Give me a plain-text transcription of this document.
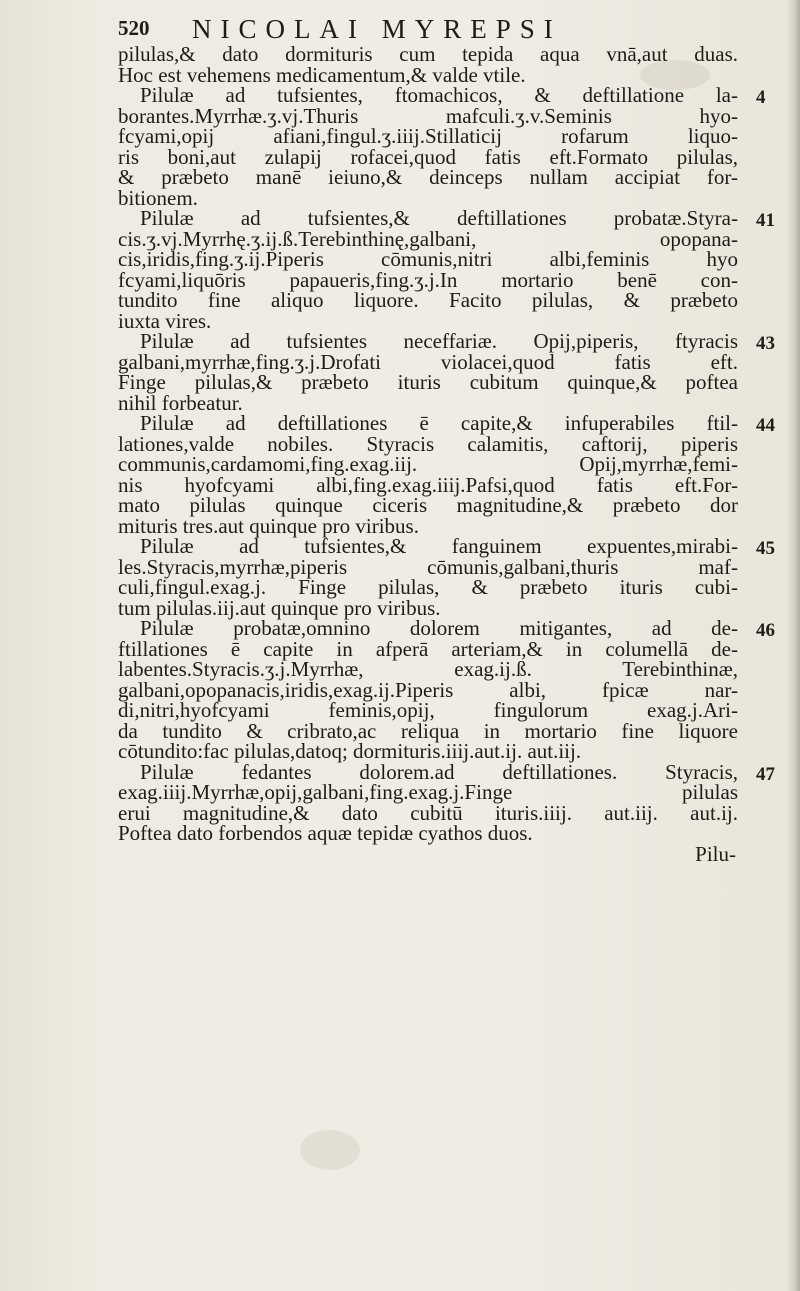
520 NICOLAI MYREPSI
pilulas,& dato dormituris cum tepida aqua vnā,aut duas.
Hoc est vehemens medicamentum,& valde vtile.
Pilulæ ad tufsientes, ftomachicos, & deftillatione la-
borantes.Myrrhæ.ʒ.vj.Thuris mafculi.ʒ.v.Seminis hyo-
fcyami,opij afiani,fingul.ʒ.iiij.Stillaticij rofarum liquo-
ris boni,aut zulapij rofacei,quod fatis eft.Formato pilulas,
& præbeto manē ieiuno,& deinceps nullam accipiat for-
bitionem.
Pilulæ ad tufsientes,& deftillationes probatæ.Styra-
cis.ʒ.vj.Myrrhę.ʒ.ij.ß.Terebinthinę,galbani, opopana-
cis,iridis,fing.ʒ.ij.Piperis cōmunis,nitri albi,feminis hyo
fcyami,liquōris papaueris,fing.ʒ.j.In mortario benē con-
tundito fine aliquo liquore. Facito pilulas, & præbeto
iuxta vires.
Pilulæ ad tufsientes neceffariæ. Opij,piperis, ftyracis
galbani,myrrhæ,fing.ʒ.j.Drofati violacei,quod fatis eft.
Finge pilulas,& præbeto ituris cubitum quinque,& poftea
nihil forbeatur.
Pilulæ ad deftillationes ē capite,& infuperabiles ftil-
lationes,valde nobiles. Styracis calamitis, caftorij, piperis
communis,cardamomi,fing.exag.iij. Opij,myrrhæ,femi-
nis hyofcyami albi,fing.exag.iiij.Pafsi,quod fatis eft.For-
mato pilulas quinque ciceris magnitudine,& præbeto dor
mituris tres.aut quinque pro viribus.
Pilulæ ad tufsientes,& fanguinem expuentes,mirabi-
les.Styracis,myrrhæ,piperis cōmunis,galbani,thuris maf-
culi,fingul.exag.j. Finge pilulas, & præbeto ituris cubi-
tum pilulas.iij.aut quinque pro viribus.
Pilulæ probatæ,omnino dolorem mitigantes, ad de-
ftillationes ē capite in afperā arteriam,& in columellā de-
labentes.Styracis.ʒ.j.Myrrhæ, exag.ij.ß. Terebinthinæ,
galbani,opopanacis,iridis,exag.ij.Piperis albi, fpicæ nar-
di,nitri,hyofcyami feminis,opij, fingulorum exag.j.Ari-
da tundito & cribrato,ac reliqua in mortario fine liquore
cōtundito:fac pilulas,datoq; dormituris.iiij.aut.ij. aut.iij.
Pilulæ fedantes dolorem.ad deftillationes. Styracis,
exag.iiij.Myrrhæ,opij,galbani,fing.exag.j.Finge pilulas
erui magnitudine,& dato cubitū ituris.iiij. aut.iij. aut.ij.
Poftea dato forbendos aquæ tepidæ cyathos duos.
Pilu-
4
41
43
44
45
46
47
